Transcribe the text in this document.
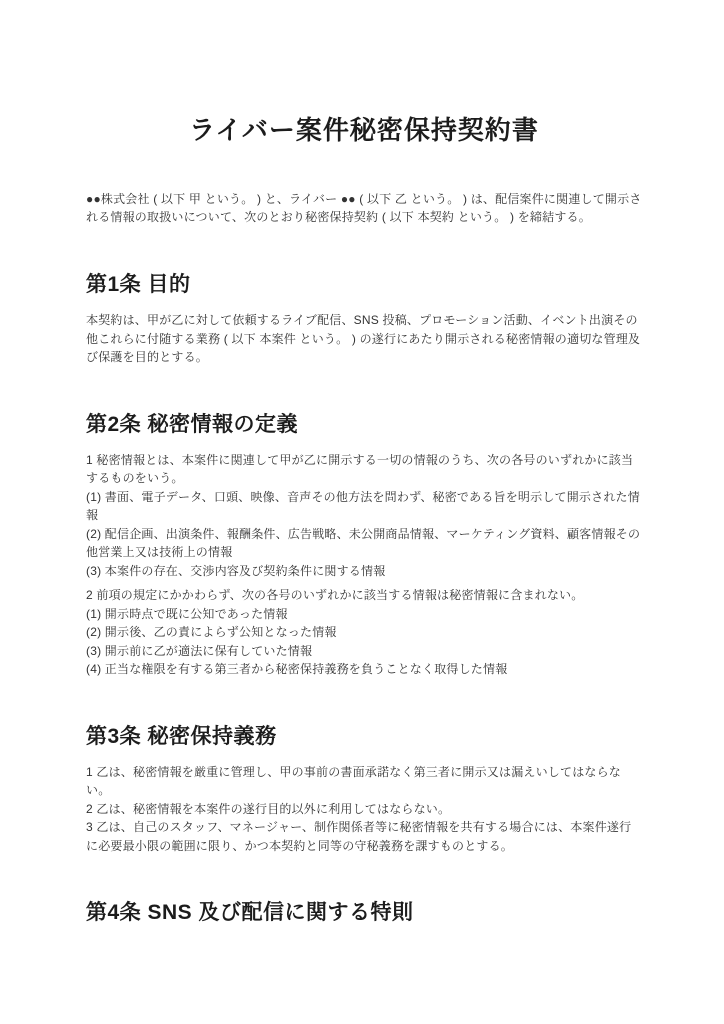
ライバー案件秘密保持契約書

●●株式会社 ( 以下 甲 という。 ) と、ライバー ●● ( 以下 乙 という。 ) は、配信案件に関連して開示される情報の取扱いについて、次のとおり秘密保持契約 ( 以下 本契約 という。 ) を締結する。

第1条 目的
本契約は、甲が乙に対して依頼するライブ配信、SNS 投稿、プロモーション活動、イベント出演その他これらに付随する業務 ( 以下 本案件 という。 ) の遂行にあたり開示される秘密情報の適切な管理及び保護を目的とする。
第2条 秘密情報の定義
1 秘密情報とは、本案件に関連して甲が乙に開示する一切の情報のうち、次の各号のいずれかに該当するものをいう。
(1) 書面、電子データ、口頭、映像、音声その他方法を問わず、秘密である旨を明示して開示された情報
(2) 配信企画、出演条件、報酬条件、広告戦略、未公開商品情報、マーケティング資料、顧客情報その他営業上又は技術上の情報
(3) 本案件の存在、交渉内容及び契約条件に関する情報
2 前項の規定にかかわらず、次の各号のいずれかに該当する情報は秘密情報に含まれない。
(1) 開示時点で既に公知であった情報
(2) 開示後、乙の責によらず公知となった情報
(3) 開示前に乙が適法に保有していた情報
(4) 正当な権限を有する第三者から秘密保持義務を負うことなく取得した情報
第3条 秘密保持義務
1 乙は、秘密情報を厳重に管理し、甲の事前の書面承諾なく第三者に開示又は漏えいしてはならない。
2 乙は、秘密情報を本案件の遂行目的以外に利用してはならない。
3 乙は、自己のスタッフ、マネージャー、制作関係者等に秘密情報を共有する場合には、本案件遂行に必要最小限の範囲に限り、かつ本契約と同等の守秘義務を課すものとする。
第4条 SNS 及び配信に関する特則
